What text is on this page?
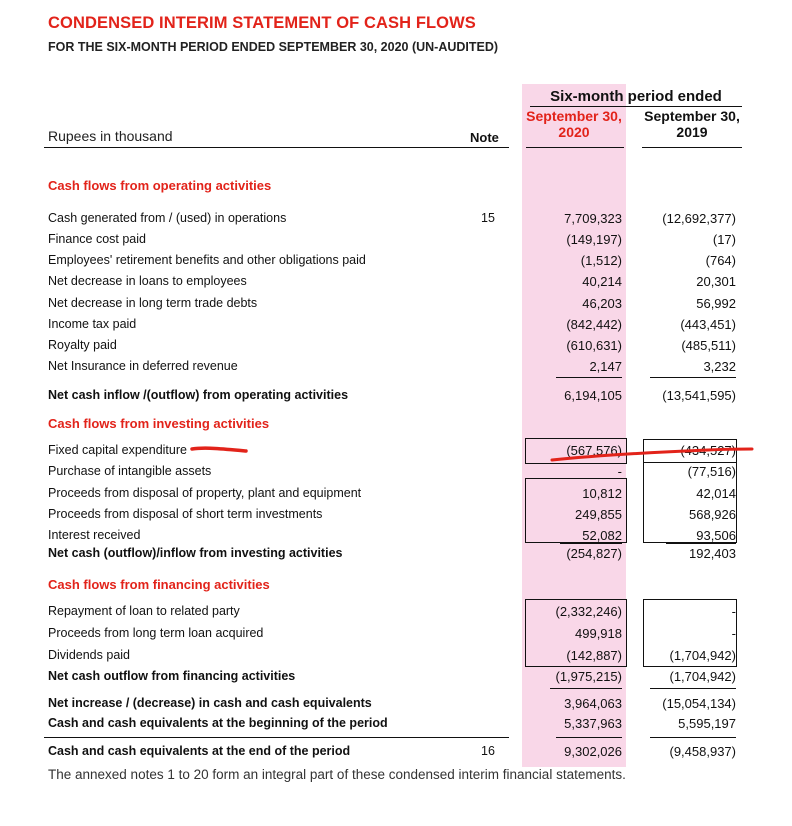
CONDENSED INTERIM STATEMENT OF CASH FLOWS
FOR THE SIX-MONTH PERIOD ENDED SEPTEMBER 30, 2020 (UN-AUDITED)
Six-month period ended
September 30,
2020
September 30,
2019
Rupees in thousand	Note
Cash flows from operating activities
Cash generated from / (used) in operations	15	7,709,323	(12,692,377)
Finance cost paid	(149,197)	(17)
Employees' retirement benefits and other obligations paid	(1,512)	(764)
Net decrease in loans to employees	40,214	20,301
Net decrease in long term trade debts	46,203	56,992
Income tax paid	(842,442)	(443,451)
Royalty paid	(610,631)	(485,511)
Net Insurance in deferred revenue	2,147	3,232
Net cash inflow /(outflow) from operating activities	6,194,105	(13,541,595)
Cash flows from investing activities
Fixed capital expenditure	(567,576)	(434,527)
Purchase of intangible assets	-	(77,516)
Proceeds from disposal of property, plant and equipment	10,812	42,014
Proceeds from disposal of short term investments	249,855	568,926
Interest received	52,082	93,506
Net cash (outflow)/inflow from investing activities	(254,827)	192,403
Cash flows from financing activities
Repayment of loan to related party	(2,332,246)	-
Proceeds from long term loan acquired	499,918	-
Dividends paid	(142,887)	(1,704,942)
Net cash outflow from financing activities	(1,975,215)	(1,704,942)
Net increase / (decrease) in cash and cash equivalents	3,964,063	(15,054,134)
Cash and cash equivalents at the beginning of the period	5,337,963	5,595,197
Cash and cash equivalents at the end of the period	16	9,302,026	(9,458,937)
The annexed notes 1 to 20 form an integral part of these condensed interim financial statements.
